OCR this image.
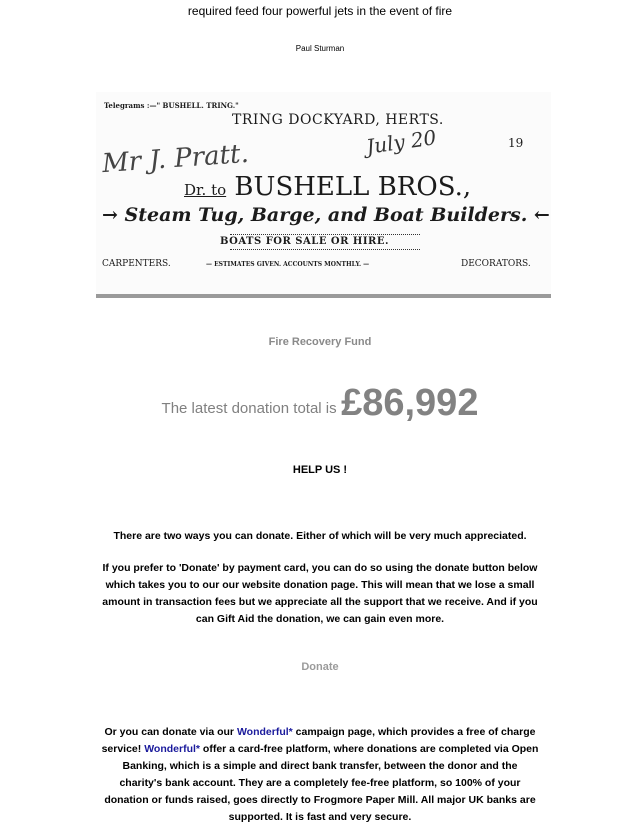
required feed four powerful jets in the event of fire
Paul Sturman
Telegrams :—" BUSHELL. TRING."
TRING DOCKYARD, HERTS.
July 20	19
Mr J. Pratt.
Dr. to BUSHELL BROS.,
→ Steam Tug, Barge, and Boat Builders. ←
BOATS FOR SALE OR HIRE.
CARPENTERS.	— ESTIMATES GIVEN. ACCOUNTS MONTHLY. —	DECORATORS.
Fire Recovery Fund
The latest donation total is £86,992
HELP US !
There are two ways you can donate. Either of which will be very much appreciated.
If you prefer to 'Donate' by payment card, you can do so using the donate button below which takes you to our our website donation page. This will mean that we lose a small amount in transaction fees but we appreciate all the support that we receive. And if you can Gift Aid the donation, we can gain even more.
Donate
Or you can donate via our Wonderful* campaign page, which provides a free of charge service! Wonderful* offer a card-free platform, where donations are completed via Open Banking, which is a simple and direct bank transfer, between the donor and the charity's bank account. They are a completely fee-free platform, so 100% of your donation or funds raised, goes directly to Frogmore Paper Mill. All major UK banks are supported. It is fast and very secure.
